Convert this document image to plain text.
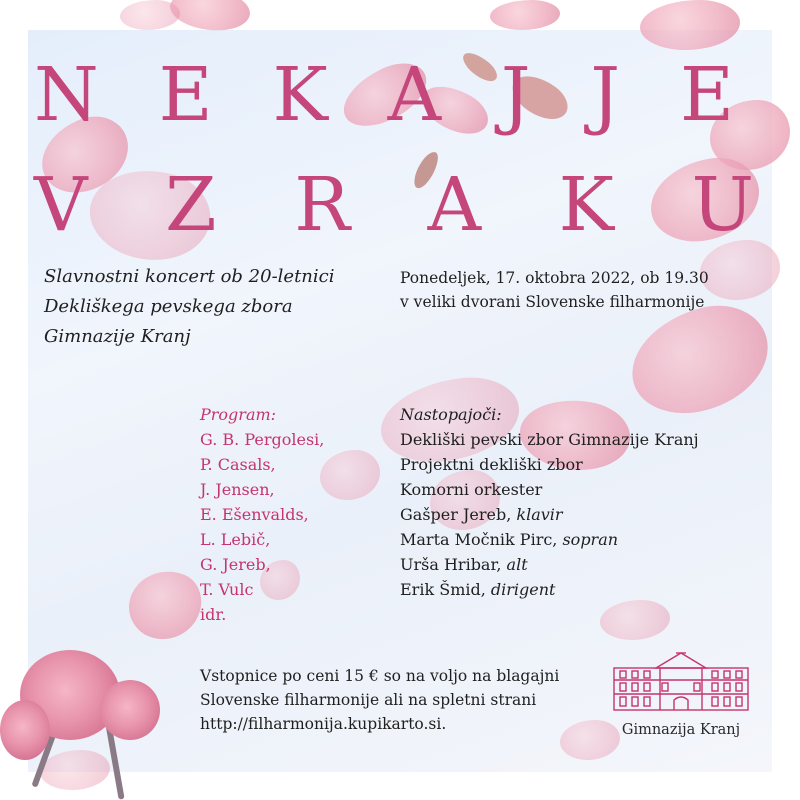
N E K A J J E
V Z R A K U
Slavnostni koncert ob 20-letnici
Dekliškega pevskega zbora
Gimnazije Kranj
Ponedeljek, 17. oktobra 2022, ob 19.30
v veliki dvorani Slovenske filharmonije
Program:
G. B. Pergolesi,
P. Casals,
J. Jensen,
E. Ešenvalds,
L. Lebič,
G. Jereb,
T. Vulc
idr.
Nastopajoči:
Dekliški pevski zbor Gimnazije Kranj
Projektni dekliški zbor
Komorni orkester
Gašper Jereb, klavir
Marta Močnik Pirc, sopran
Urša Hribar, alt
Erik Šmid, dirigent
Vstopnice po ceni 15 € so na voljo na blagajni
Slovenske filharmonije ali na spletni strani
http://filharmonija.kupikarto.si.	Gimnazija Kranj
